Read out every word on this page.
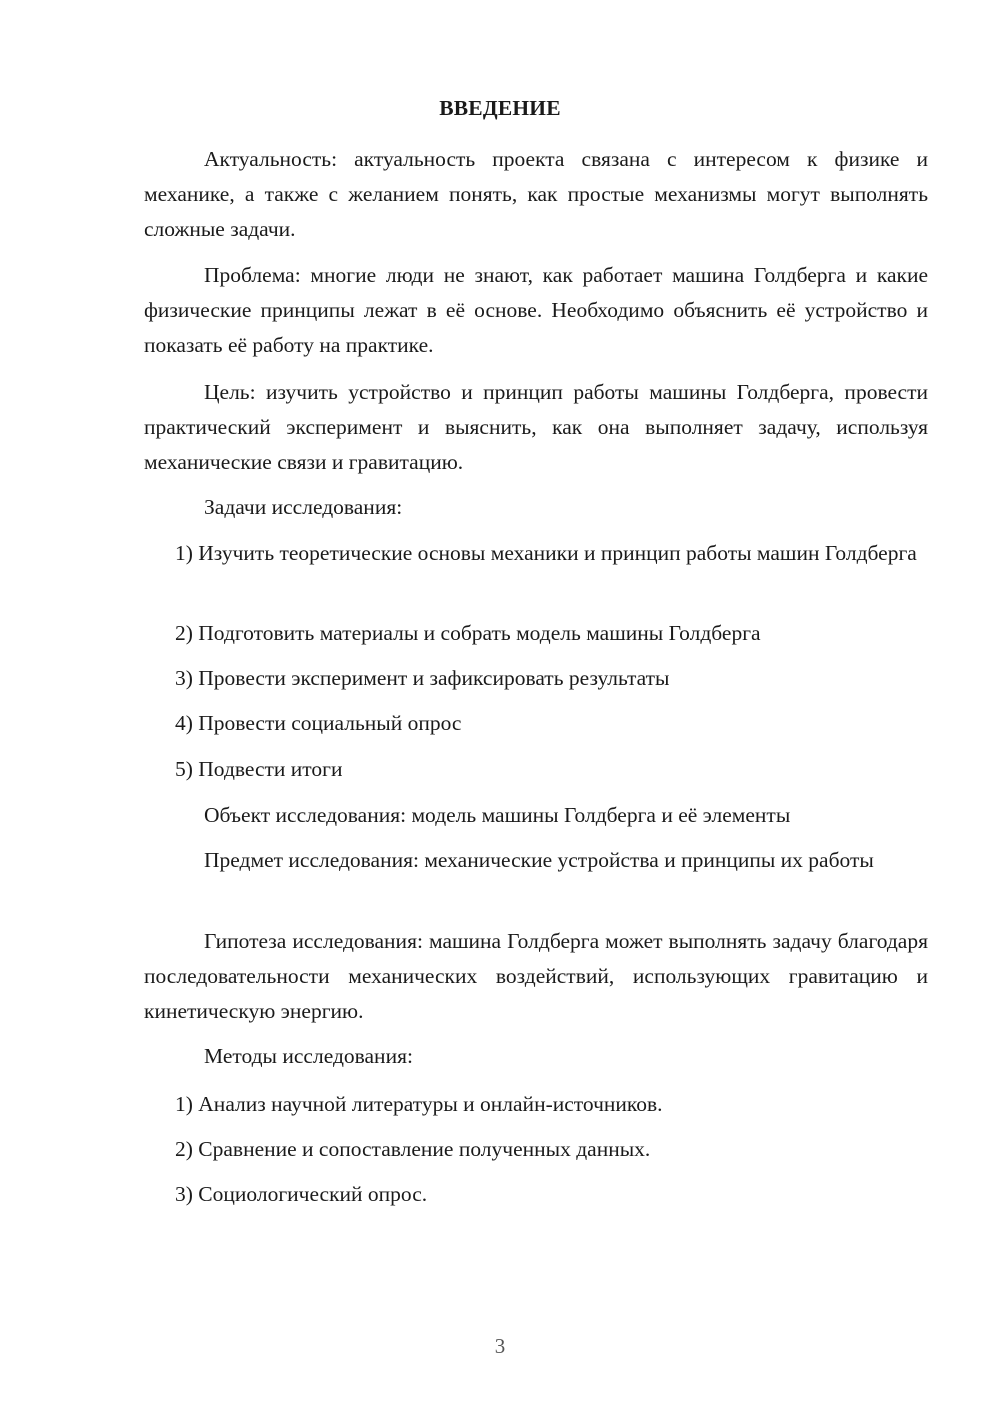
ВВЕДЕНИЕ

Актуальность: актуальность проекта связана с интересом к физике и механике, а также с желанием понять, как простые механизмы могут выполнять сложные задачи.

Проблема: многие люди не знают, как работает машина Голдберга и какие физические принципы лежат в её основе. Необходимо объяснить её устройство и показать её работу на практике.

Цель: изучить устройство и принцип работы машины Голдберга, провести практический эксперимент и выяснить, как она выполняет задачу, используя механические связи и гравитацию.

Задачи исследования:

1) Изучить теоретические основы механики и принцип работы машин Голдберга

2) Подготовить материалы и собрать модель машины Голдберга
3) Провести эксперимент и зафиксировать результаты
4) Провести социальный опрос
5) Подвести итоги

Объект исследования: модель машины Голдберга и её элементы

Предмет исследования: механические устройства и принципы их работы

Гипотеза исследования: машина Голдберга может выполнять задачу благодаря последовательности механических воздействий, использующих гравитацию и кинетическую энергию.

Методы исследования:

1) Анализ научной литературы и онлайн-источников.
2) Сравнение и сопоставление полученных данных.
3) Социологический опрос.
3
